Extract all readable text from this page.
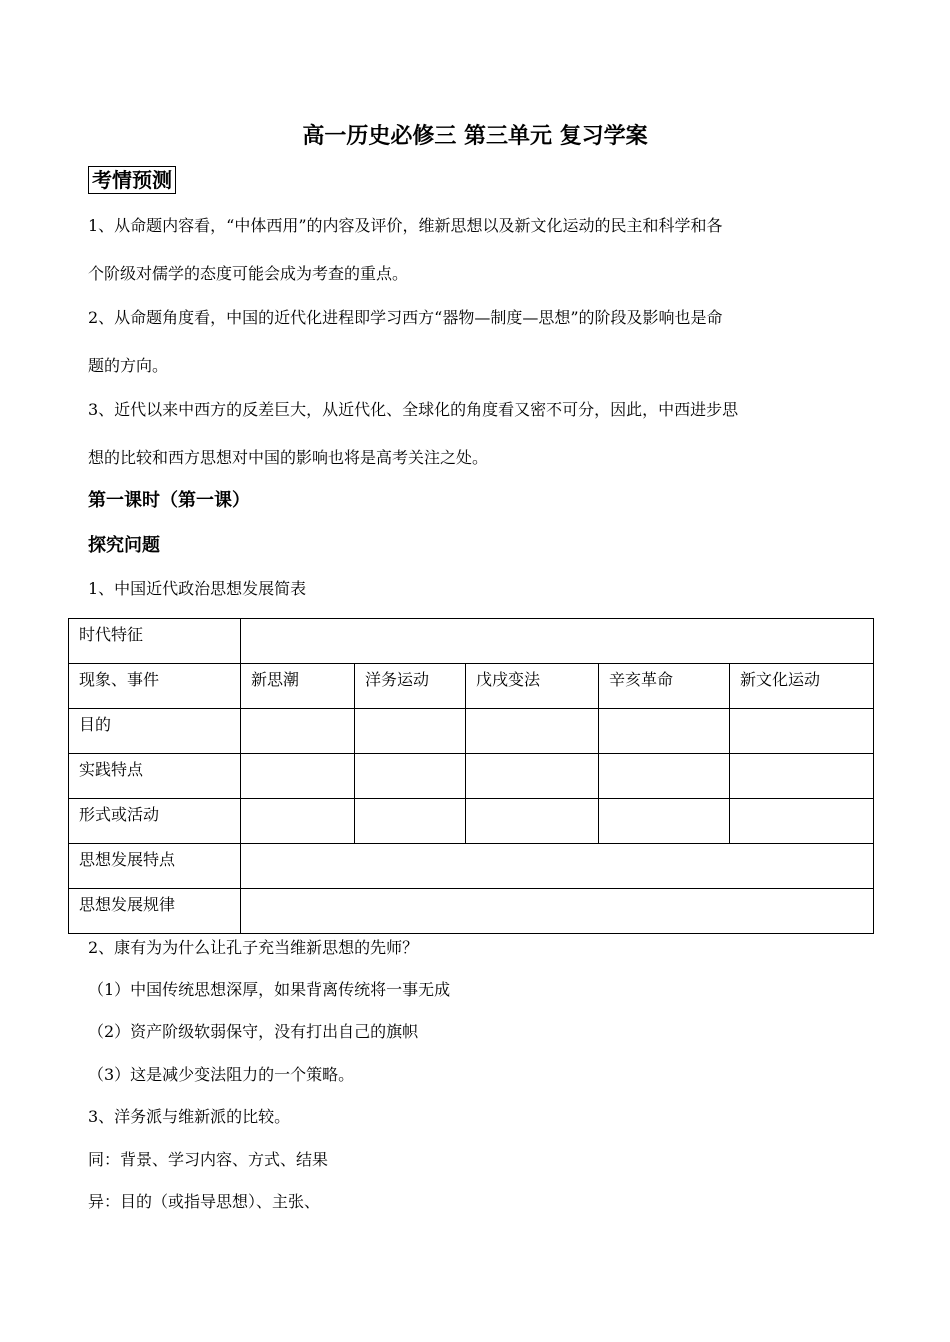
高一历史必修三 第三单元 复习学案
考情预测
1、从命题内容看，“中体西用”的内容及评价，维新思想以及新文化运动的民主和科学和各
个阶级对儒学的态度可能会成为考查的重点。
2、从命题角度看，中国的近代化进程即学习西方“器物—制度—思想”的阶段及影响也是命
题的方向。
3、近代以来中西方的反差巨大，从近代化、全球化的角度看又密不可分，因此，中西进步思
想的比较和西方思想对中国的影响也将是高考关注之处。
第一课时（第一课）
探究问题
1、中国近代政治思想发展简表
时代特征					
现象、事件	新思潮	洋务运动	戊戌变法	辛亥革命	新文化运动
目的					
实践特点					
形式或活动					
思想发展特点					
思想发展规律					
2、康有为为什么让孔子充当维新思想的先师？
（1）中国传统思想深厚，如果背离传统将一事无成
（2）资产阶级软弱保守，没有打出自己的旗帜
（3）这是减少变法阻力的一个策略。
3、洋务派与维新派的比较。
同：背景、学习内容、方式、结果
异：目的（或指导思想）、主张、
